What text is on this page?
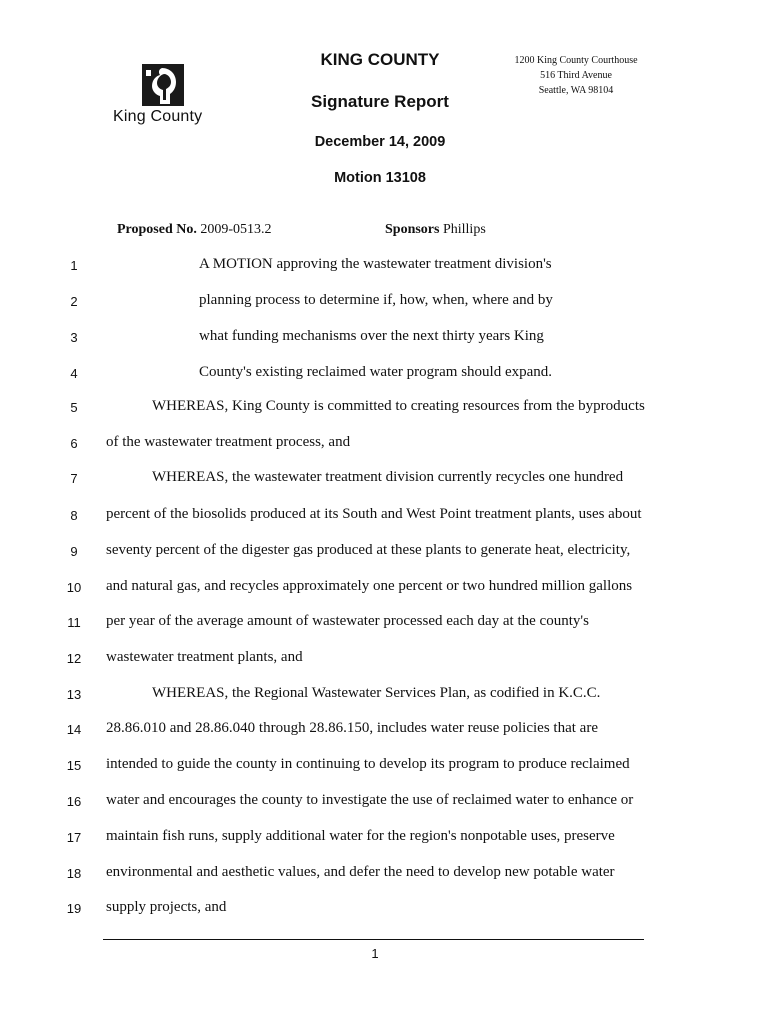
King County
KING COUNTY
Signature Report
December 14, 2009
Motion 13108
1200 King County Courthouse
516 Third Avenue
Seattle, WA 98104
Proposed No. 2009-0513.2	Sponsors Phillips
1	A MOTION approving the wastewater treatment division's
2	planning process to determine if, how, when, where and by
3	what funding mechanisms over the next thirty years King
4	County's existing reclaimed water program should expand.
5	WHEREAS, King County is committed to creating resources from the byproducts
6	of the wastewater treatment process, and
7	WHEREAS, the wastewater treatment division currently recycles one hundred
8	percent of the biosolids produced at its South and West Point treatment plants, uses about
9	seventy percent of the digester gas produced at these plants to generate heat, electricity,
10	and natural gas, and recycles approximately one percent or two hundred million gallons
11	per year of the average amount of wastewater processed each day at the county's
12	wastewater treatment plants, and
13	WHEREAS, the Regional Wastewater Services Plan, as codified in K.C.C.
14	28.86.010 and 28.86.040 through 28.86.150, includes water reuse policies that are
15	intended to guide the county in continuing to develop its program to produce reclaimed
16	water and encourages the county to investigate the use of reclaimed water to enhance or
17	maintain fish runs, supply additional water for the region's nonpotable uses, preserve
18	environmental and aesthetic values, and defer the need to develop new potable water
19	supply projects, and
1
